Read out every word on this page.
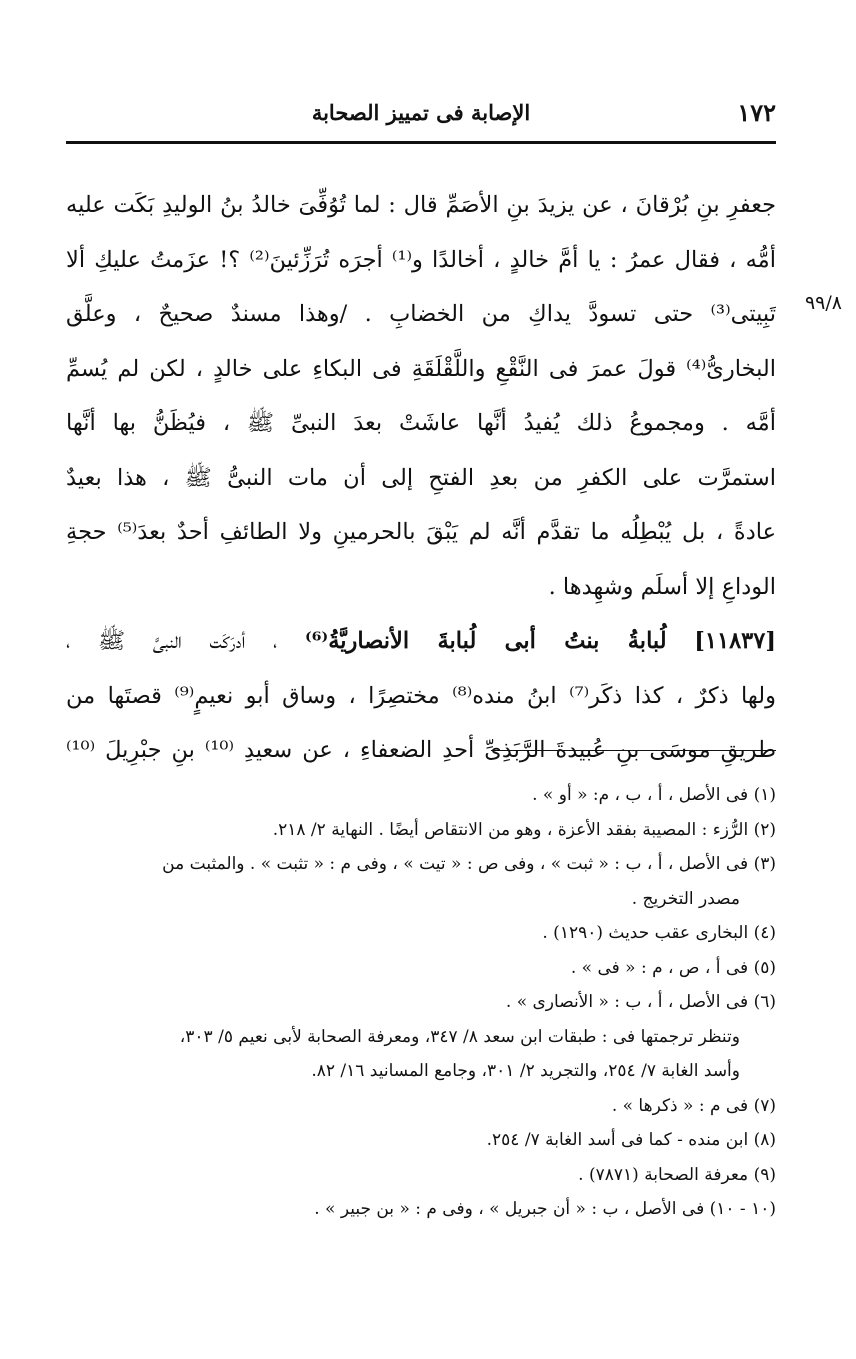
١٧٢
الإصابة فى تمييز الصحابة
٩٩/٨
جعفرِ بنِ بُرْقانَ ، عن يزيدَ بنِ الأصَمِّ قال : لما تُوُفِّىَ خالدُ بنُ الوليدِ بَكَت عليه
أمُّه ، فقال عمرُ : يا أمَّ خالدٍ ، أخالدًا و⁽¹⁾ أجرَه تُرَزِّئينَ⁽²⁾ ؟! عزَمتُ عليكِ ألا
تَبِيتى⁽³⁾ حتى تسودَّ يداكِ من الخضابِ . /وهذا مسندٌ صحيحٌ ، وعلَّق
البخارىُّ⁽⁴⁾ قولَ عمرَ فى النَّقْعِ واللَّقْلَقَةِ فى البكاءِ على خالدٍ ، لكن لم يُسمِّ
أمَّه . ومجموعُ ذلك يُفيدُ أنَّها عاشَتْ بعدَ النبىِّ ﷺ ، فيُظَنُّ بها أنَّها
استمرَّت على الكفرِ من بعدِ الفتحِ إلى أن مات النبىُّ ﷺ ، هذا بعيدٌ
عادةً ، بل يُبْطِلُه ما تقدَّم أنَّه لم يَبْقَ بالحرمينِ ولا الطائفِ أحدٌ بعدَ⁽⁵⁾ حجةِ
الوداعِ إلا أسلَم وشهِدها .
[١١٨٣٧] لُبابةُ بنتُ أبى لُبابةَ الأنصاريَّةُ⁽⁶⁾ ، أدرَكَت النبىَّ ﷺ ،
ولها ذكرٌ ، كذا ذكَر⁽⁷⁾ ابنُ منده⁽⁸⁾ مختصِرًا ، وساق أبو نعيمٍ⁽⁹⁾ قصتَها من
طريقِ موسَى بنِ عُبيدةَ الرَّبَذِىِّ أحدِ الضعفاءِ ، عن سعيدِ ⁽¹⁰⁾ بنِ جبْرِيلَ ⁽¹⁰⁾
(١) فى الأصل ، أ ، ب ، م: « أو » .
(٢) الرُّزء : المصيبة بفقد الأعزة ، وهو من الانتقاص أيضًا . النهاية ٢/ ٢١٨.
(٣) فى الأصل ، أ ، ب : « ثبت » ، وفى ص : « تيت » ، وفى م : « تثبت » . والمثبت من
مصدر التخريج .
(٤) البخارى عقب حديث (١٢٩٠) .
(٥) فى أ ، ص ، م : « فى » .
(٦) فى الأصل ، أ ، ب : « الأنصارى » .
وتنظر ترجمتها فى : طبقات ابن سعد ٨/ ٣٤٧، ومعرفة الصحابة لأبى نعيم ٥/ ٣٠٣،
وأسد الغابة ٧/ ٢٥٤، والتجريد ٢/ ٣٠١، وجامع المسانيد ١٦/ ٨٢.
(٧) فى م : « ذكرها » .
(٨) ابن منده - كما فى أسد الغابة ٧/ ٢٥٤.
(٩) معرفة الصحابة (٧٨٧١) .
(١٠ - ١٠) فى الأصل ، ب : « أن جبريل » ، وفى م : « بن جبير » .
